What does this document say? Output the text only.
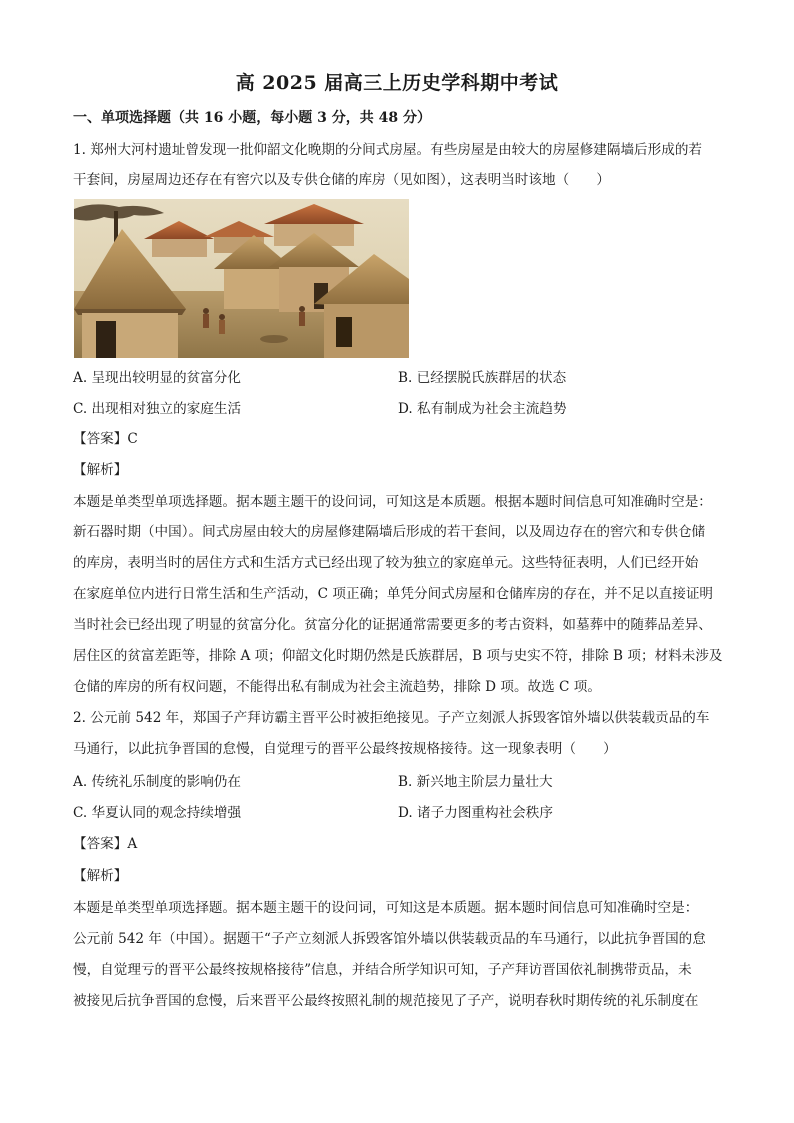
高 2025 届高三上历史学科期中考试
一、单项选择题（共 16 小题，每小题 3 分，共 48 分）
1. 郑州大河村遗址曾发现一批仰韶文化晚期的分间式房屋。有些房屋是由较大的房屋修建隔墙后形成的若
干套间，房屋周边还存在有窖穴以及专供仓储的库房（见如图），这表明当时该地（　　）
A. 呈现出较明显的贫富分化	B. 已经摆脱氏族群居的状态
C. 出现相对独立的家庭生活	D. 私有制成为社会主流趋势
【答案】C
【解析】
本题是单类型单项选择题。据本题主题干的设问词，可知这是本质题。根据本题时间信息可知准确时空是：
新石器时期（中国）。间式房屋由较大的房屋修建隔墙后形成的若干套间，以及周边存在的窖穴和专供仓储
的库房，表明当时的居住方式和生活方式已经出现了较为独立的家庭单元。这些特征表明，人们已经开始
在家庭单位内进行日常生活和生产活动，C 项正确；单凭分间式房屋和仓储库房的存在，并不足以直接证明
当时社会已经出现了明显的贫富分化。贫富分化的证据通常需要更多的考古资料，如墓葬中的随葬品差异、
居住区的贫富差距等，排除 A 项；仰韶文化时期仍然是氏族群居，B 项与史实不符，排除 B 项；材料未涉及
仓储的库房的所有权问题，不能得出私有制成为社会主流趋势，排除 D 项。故选 C 项。
2. 公元前 542 年，郑国子产拜访霸主晋平公时被拒绝接见。子产立刻派人拆毁客馆外墙以供装载贡品的车
马通行，以此抗争晋国的怠慢，自觉理亏的晋平公最终按规格接待。这一现象表明（　　）
A. 传统礼乐制度的影响仍在	B. 新兴地主阶层力量壮大
C. 华夏认同的观念持续增强	D. 诸子力图重构社会秩序
【答案】A
【解析】
本题是单类型单项选择题。据本题主题干的设问词，可知这是本质题。据本题时间信息可知准确时空是：
公元前 542 年（中国）。据题干“子产立刻派人拆毁客馆外墙以供装载贡品的车马通行，以此抗争晋国的怠
慢，自觉理亏的晋平公最终按规格接待”信息，并结合所学知识可知，子产拜访晋国依礼制携带贡品，未
被接见后抗争晋国的怠慢，后来晋平公最终按照礼制的规范接见了子产，说明春秋时期传统的礼乐制度在
